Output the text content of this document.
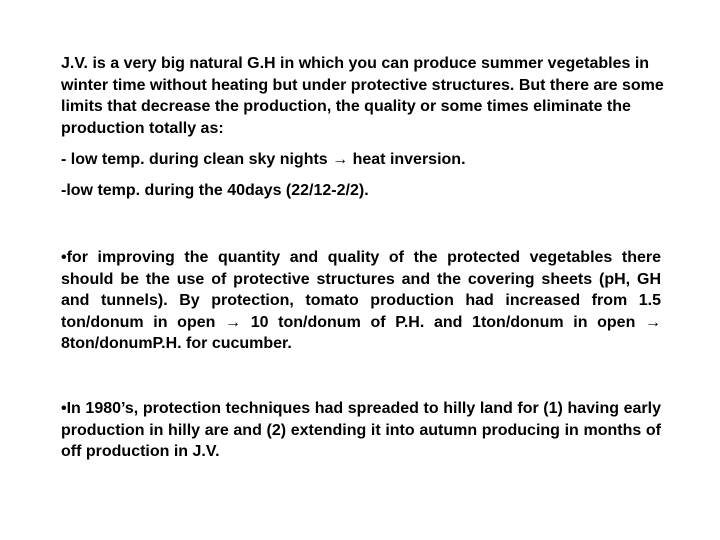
J.V. is a very big natural G.H in which you can produce summer vegetables in winter time without heating but under protective structures. But there are some limits that decrease the production, the quality or some times eliminate the production totally as:

- low temp. during clean sky nights → heat inversion.

-low temp. during the 40days (22/12-2/2).

•for improving the quantity and quality of the protected vegetables there should be the use of protective structures and the covering sheets (pH, GH and tunnels). By protection, tomato production had increased from 1.5 ton/donum in open → 10 ton/donum of P.H. and 1ton/donum in open → 8ton/donumP.H. for cucumber.

•In 1980’s, protection techniques had spreaded to hilly land for (1) having early production in hilly are and (2) extending it into autumn producing in months of off production in J.V.
